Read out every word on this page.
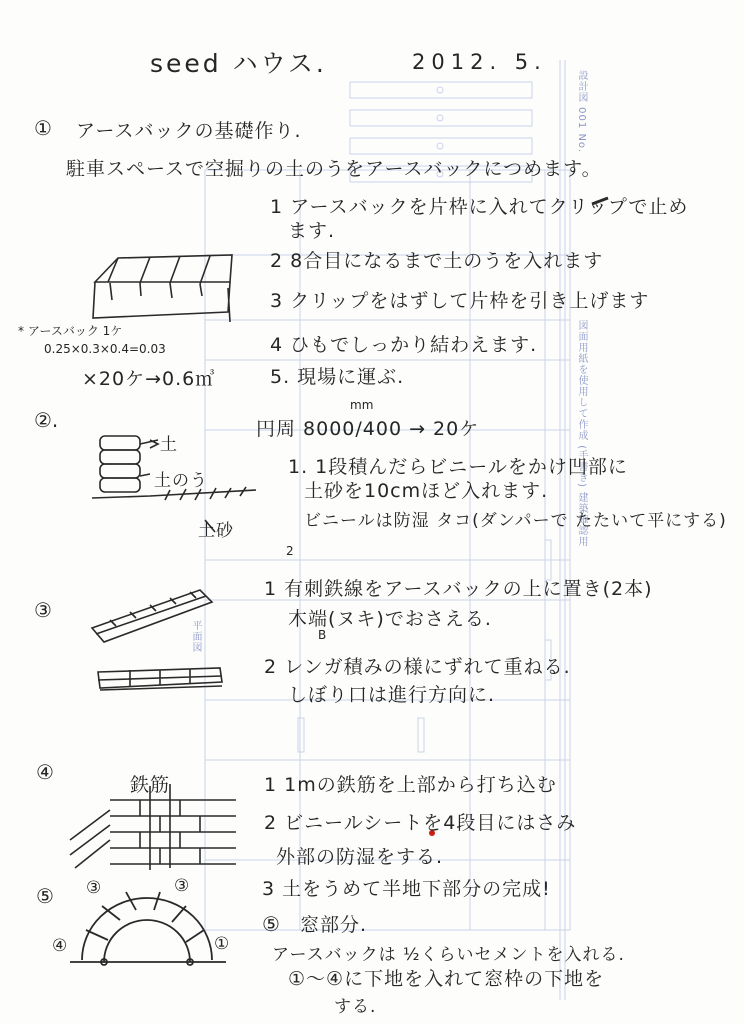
図面用紙を使用して作成 (手書き) 建築確認用
設計図 001 No.
平面図
seed ハウス.	2012. 5.
① アースバックの基礎作り.
駐車スペースで空掘りの土のうをアースバックにつめます。
1 アースバックを片枠に入れてクリップで止め
ます.
2 8合目になるまで土のうを入れます
3 クリップをはずして片枠を引き上げます
4 ひもでしっかり結わえます.
5. 現場に運ぶ.
* アースバック 1ケ
0.25×0.3×0.4=0.03
×20ケ→0.6㎥
②.
mm
円周 8000/400 → 20ケ
土
土のう
土砂
1. 1段積んだらビニールをかけ凹部に
土砂を10cmほど入れます.
ビニールは防湿 タコ(ダンパーで たたいて平にする)
2
③
1 有刺鉄線をアースバックの上に置き(2本)
木端(ヌキ)でおさえる.
B
2 レンガ積みの様にずれて重ねる.
しぼり口は進行方向に.
④
鉄筋	1 1mの鉄筋を上部から打ち込む
2 ビニールシートを4段目にはさみ
外部の防湿をする.
3 土をうめて半地下部分の完成!
⑤ ③	③
④	①
⑤ 窓部分.
アースバックは ½くらいセメントを入れる.
①〜④に下地を入れて窓枠の下地を
する.
